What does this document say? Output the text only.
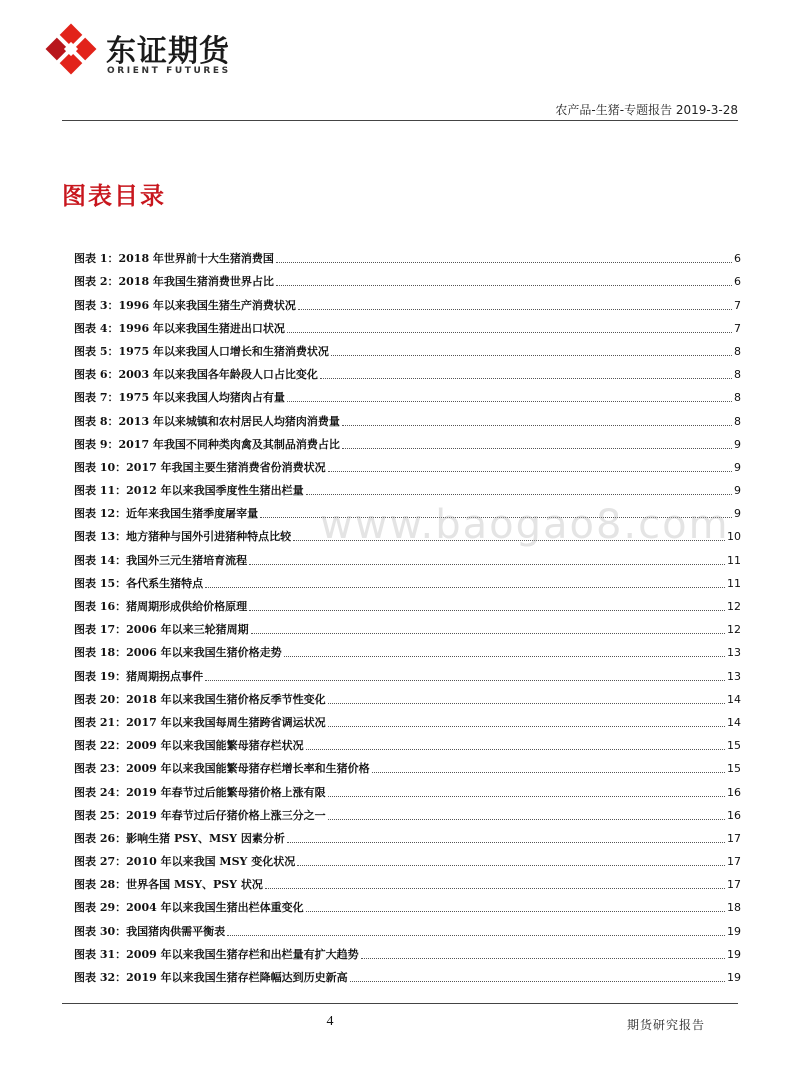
东证期货
ORIENT FUTURES
农产品-生猪-专题报告 2019-3-28
图表目录
图表 1：2018 年世界前十大生猪消费国	6
图表 2：2018 年我国生猪消费世界占比	6
图表 3：1996 年以来我国生猪生产消费状况	7
图表 4：1996 年以来我国生猪进出口状况	7
图表 5：1975 年以来我国人口增长和生猪消费状况	8
图表 6：2003 年以来我国各年龄段人口占比变化	8
图表 7：1975 年以来我国人均猪肉占有量	8
图表 8：2013 年以来城镇和农村居民人均猪肉消费量	8
图表 9：2017 年我国不同种类肉禽及其制品消费占比	9
图表 10：2017 年我国主要生猪消费省份消费状况	9
图表 11：2012 年以来我国季度性生猪出栏量	9
图表 12：近年来我国生猪季度屠宰量	9
图表 13：地方猪种与国外引进猪种特点比较	10
图表 14：我国外三元生猪培育流程	11
图表 15：各代系生猪特点	11
图表 16：猪周期形成供给价格原理	12
图表 17：2006 年以来三轮猪周期	12
图表 18：2006 年以来我国生猪价格走势	13
图表 19：猪周期拐点事件	13
图表 20：2018 年以来我国生猪价格反季节性变化	14
图表 21：2017 年以来我国每周生猪跨省调运状况	14
图表 22：2009 年以来我国能繁母猪存栏状况	15
图表 23：2009 年以来我国能繁母猪存栏增长率和生猪价格	15
图表 24：2019 年春节过后能繁母猪价格上涨有限	16
图表 25：2019 年春节过后仔猪价格上涨三分之一	16
图表 26：影响生猪 PSY、MSY 因素分析	17
图表 27：2010 年以来我国 MSY 变化状况	17
图表 28：世界各国 MSY、PSY 状况	17
图表 29：2004 年以来我国生猪出栏体重变化	18
图表 30：我国猪肉供需平衡表	19
图表 31：2009 年以来我国生猪存栏和出栏量有扩大趋势	19
图表 32：2019 年以来我国生猪存栏降幅达到历史新高	19
www.baogao8.com
4	期货研究报告
